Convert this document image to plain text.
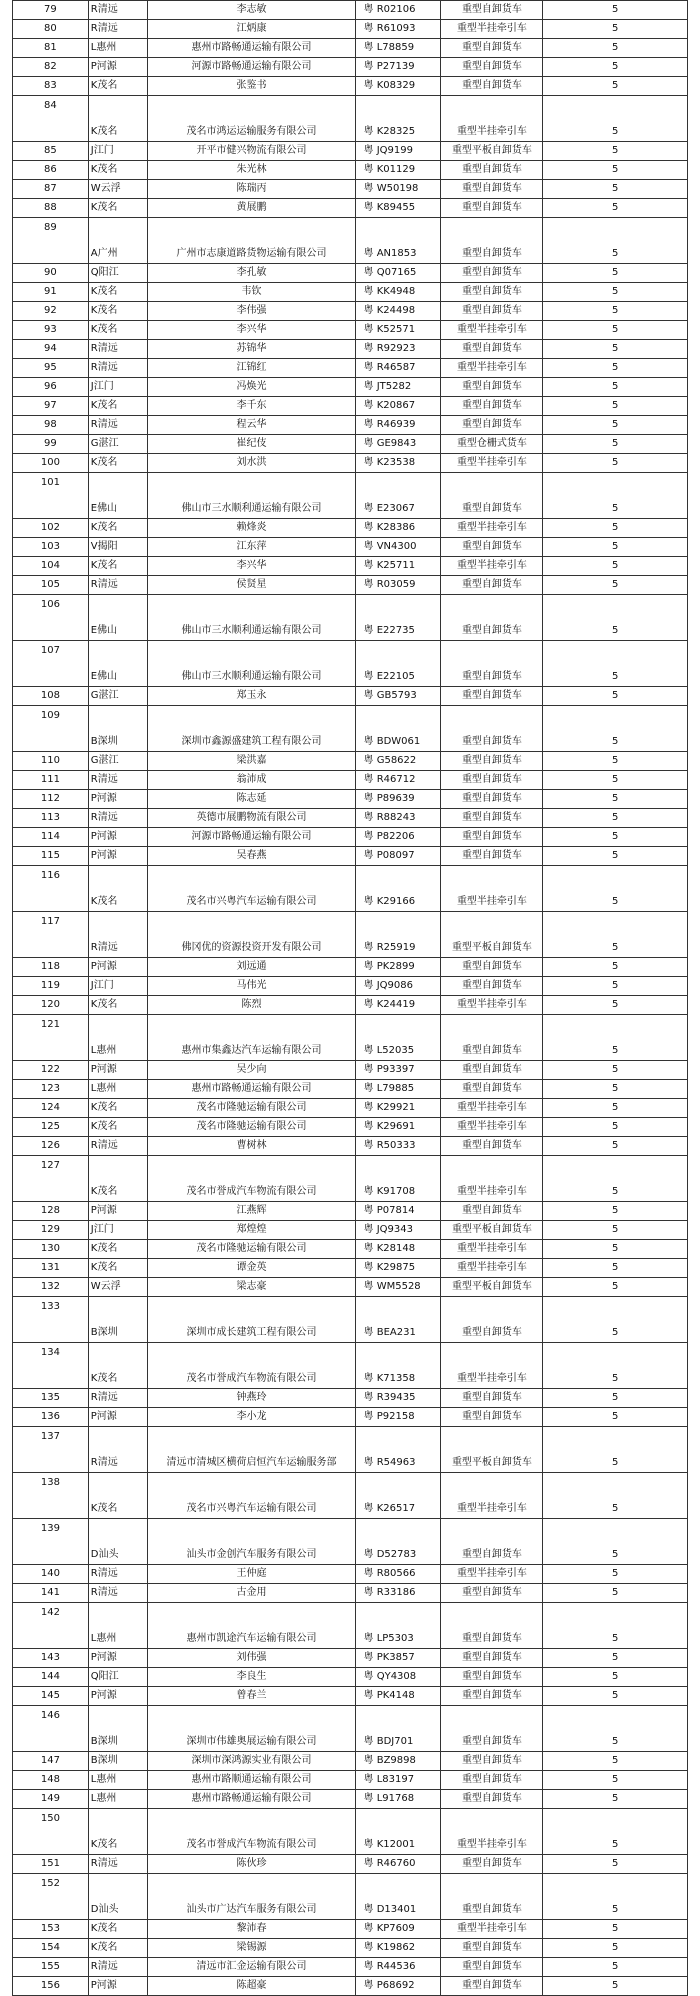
79	R清远	李志敏	粤 R02106	重型自卸货车	5
80	R清远	江炳康	粤 R61093	重型半挂牵引车	5
81	L惠州	惠州市路畅通运输有限公司	粤 L78859	重型自卸货车	5
82	P河源	河源市路畅通运输有限公司	粤 P27139	重型自卸货车	5
83	K茂名	张鉴书	粤 K08329	重型自卸货车	5
84	K茂名	茂名市鸿运运输服务有限公司	粤 K28325	重型半挂牵引车	5
85	J江门	开平市健兴物流有限公司	粤 JQ9199	重型平板自卸货车	5
86	K茂名	朱光林	粤 K01129	重型自卸货车	5
87	W云浮	陈瑞丙	粤 W50198	重型自卸货车	5
88	K茂名	黄展鹏	粤 K89455	重型自卸货车	5
89	A广州	广州市志康道路货物运输有限公司	粤 AN1853	重型自卸货车	5
90	Q阳江	李孔敏	粤 Q07165	重型自卸货车	5
91	K茂名	韦钦	粤 KK4948	重型自卸货车	5
92	K茂名	李伟强	粤 K24498	重型自卸货车	5
93	K茂名	李兴华	粤 K52571	重型半挂牵引车	5
94	R清远	苏锦华	粤 R92923	重型自卸货车	5
95	R清远	江锦红	粤 R46587	重型半挂牵引车	5
96	J江门	冯焕光	粤 JT5282	重型自卸货车	5
97	K茂名	李千东	粤 K20867	重型自卸货车	5
98	R清远	程云华	粤 R46939	重型自卸货车	5
99	G湛江	崔纪伎	粤 GE9843	重型仓栅式货车	5
100	K茂名	刘水洪	粤 K23538	重型半挂牵引车	5
101	E佛山	佛山市三水顺利通运输有限公司	粤 E23067	重型自卸货车	5
102	K茂名	赖烽炎	粤 K28386	重型半挂牵引车	5
103	V揭阳	江东萍	粤 VN4300	重型自卸货车	5
104	K茂名	李兴华	粤 K25711	重型半挂牵引车	5
105	R清远	侯贤星	粤 R03059	重型自卸货车	5
106	E佛山	佛山市三水顺利通运输有限公司	粤 E22735	重型自卸货车	5
107	E佛山	佛山市三水顺利通运输有限公司	粤 E22105	重型自卸货车	5
108	G湛江	郑玉永	粤 GB5793	重型自卸货车	5
109	B深圳	深圳市鑫源盛建筑工程有限公司	粤 BDW061	重型自卸货车	5
110	G湛江	梁洪嘉	粤 G58622	重型自卸货车	5
111	R清远	翁沛成	粤 R46712	重型自卸货车	5
112	P河源	陈志延	粤 P89639	重型自卸货车	5
113	R清远	英德市展鹏物流有限公司	粤 R88243	重型自卸货车	5
114	P河源	河源市路畅通运输有限公司	粤 P82206	重型自卸货车	5
115	P河源	吴春燕	粤 P08097	重型自卸货车	5
116	K茂名	茂名市兴粤汽车运输有限公司	粤 K29166	重型半挂牵引车	5
117	R清远	佛冈优的资源投资开发有限公司	粤 R25919	重型平板自卸货车	5
118	P河源	刘远通	粤 PK2899	重型自卸货车	5
119	J江门	马伟光	粤 JQ9086	重型自卸货车	5
120	K茂名	陈烈	粤 K24419	重型半挂牵引车	5
121	L惠州	惠州市集鑫达汽车运输有限公司	粤 L52035	重型自卸货车	5
122	P河源	吴少向	粤 P93397	重型自卸货车	5
123	L惠州	惠州市路畅通运输有限公司	粤 L79885	重型自卸货车	5
124	K茂名	茂名市隆驰运输有限公司	粤 K29921	重型半挂牵引车	5
125	K茂名	茂名市隆驰运输有限公司	粤 K29691	重型半挂牵引车	5
126	R清远	曹树林	粤 R50333	重型自卸货车	5
127	K茂名	茂名市誉成汽车物流有限公司	粤 K91708	重型半挂牵引车	5
128	P河源	江燕辉	粤 P07814	重型自卸货车	5
129	J江门	郑煌煌	粤 JQ9343	重型平板自卸货车	5
130	K茂名	茂名市隆驰运输有限公司	粤 K28148	重型半挂牵引车	5
131	K茂名	谭金英	粤 K29875	重型半挂牵引车	5
132	W云浮	梁志豪	粤 WM5528	重型平板自卸货车	5
133	B深圳	深圳市成长建筑工程有限公司	粤 BEA231	重型自卸货车	5
134	K茂名	茂名市誉成汽车物流有限公司	粤 K71358	重型半挂牵引车	5
135	R清远	钟燕玲	粤 R39435	重型自卸货车	5
136	P河源	李小龙	粤 P92158	重型自卸货车	5
137	R清远	清远市清城区横荷启恒汽车运输服务部	粤 R54963	重型平板自卸货车	5
138	K茂名	茂名市兴粤汽车运输有限公司	粤 K26517	重型半挂牵引车	5
139	D汕头	汕头市金创汽车服务有限公司	粤 D52783	重型自卸货车	5
140	R清远	王仲庭	粤 R80566	重型半挂牵引车	5
141	R清远	古金用	粤 R33186	重型自卸货车	5
142	L惠州	惠州市凯途汽车运输有限公司	粤 LP5303	重型自卸货车	5
143	P河源	刘伟强	粤 PK3857	重型自卸货车	5
144	Q阳江	李良生	粤 QY4308	重型自卸货车	5
145	P河源	曾春兰	粤 PK4148	重型自卸货车	5
146	B深圳	深圳市伟雄奥展运输有限公司	粤 BDJ701	重型自卸货车	5
147	B深圳	深圳市深鸿源实业有限公司	粤 BZ9898	重型自卸货车	5
148	L惠州	惠州市路顺通运输有限公司	粤 L83197	重型自卸货车	5
149	L惠州	惠州市路畅通运输有限公司	粤 L91768	重型自卸货车	5
150	K茂名	茂名市誉成汽车物流有限公司	粤 K12001	重型半挂牵引车	5
151	R清远	陈伙珍	粤 R46760	重型自卸货车	5
152	D汕头	汕头市广达汽车服务有限公司	粤 D13401	重型自卸货车	5
153	K茂名	黎沛春	粤 KP7609	重型半挂牵引车	5
154	K茂名	梁锡源	粤 K19862	重型自卸货车	5
155	R清远	清远市汇金运输有限公司	粤 R44536	重型自卸货车	5
156	P河源	陈超豪	粤 P68692	重型自卸货车	5
